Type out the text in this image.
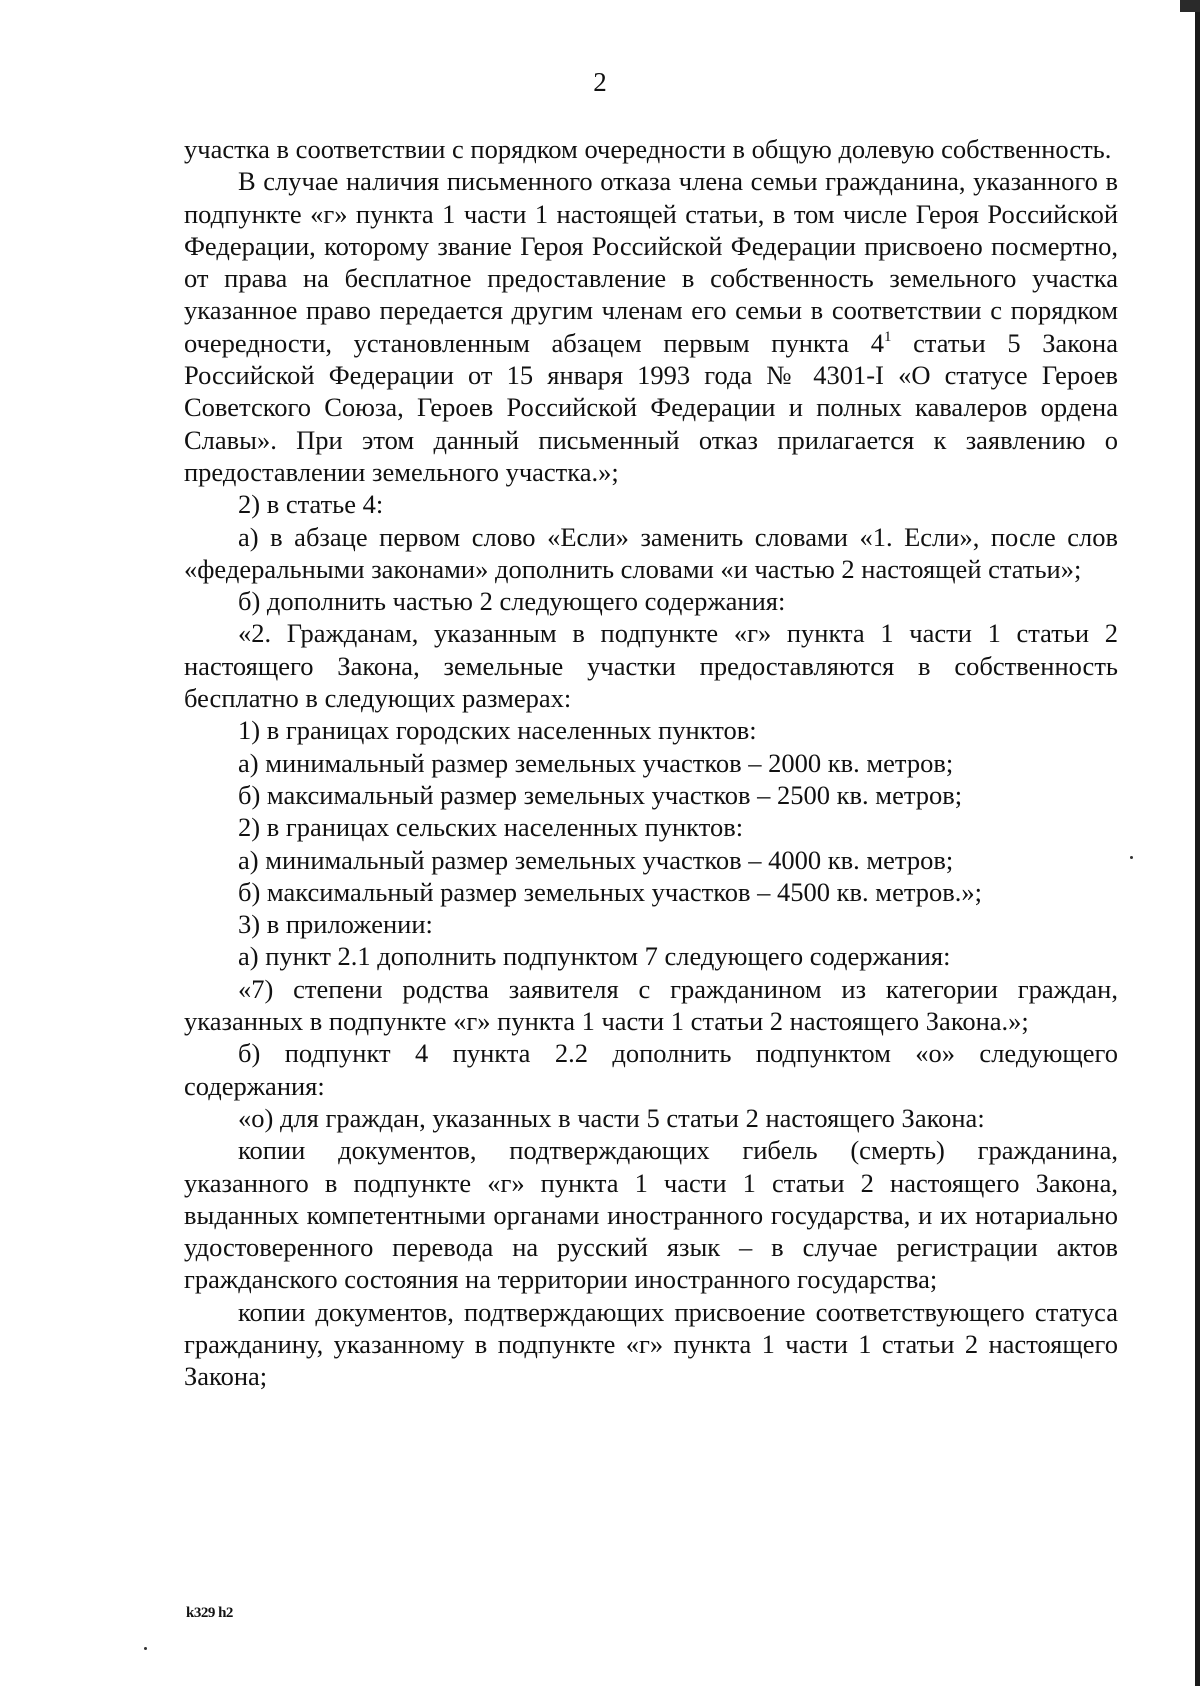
2

участка в соответствии с порядком очередности в общую долевую собственность.

В случае наличия письменного отказа члена семьи гражданина, указанного в подпункте «г» пункта 1 части 1 настоящей статьи, в том числе Героя Российской Федерации, которому звание Героя Российской Федерации присвоено посмертно, от права на бесплатное предоставление в собственность земельного участка указанное право передается другим членам его семьи в соответствии с порядком очередности, установленным абзацем первым пункта $4^1$ статьи 5 Закона Российской Федерации от 15 января 1993 года № 4301-I «О статусе Героев Советского Союза, Героев Российской Федерации и полных кавалеров ордена Славы». При этом данный письменный отказ прилагается к заявлению о предоставлении земельного участка.»;

2) в статье 4:

а) в абзаце первом слово «Если» заменить словами «1. Если», после слов «федеральными законами» дополнить словами «и частью 2 настоящей статьи»;

б) дополнить частью 2 следующего содержания:

«2. Гражданам, указанным в подпункте «г» пункта 1 части 1 статьи 2 настоящего Закона, земельные участки предоставляются в собственность бесплатно в следующих размерах:

1) в границах городских населенных пунктов:

а) минимальный размер земельных участков – 2000 кв. метров;

б) максимальный размер земельных участков – 2500 кв. метров;

2) в границах сельских населенных пунктов:

а) минимальный размер земельных участков – 4000 кв. метров;

б) максимальный размер земельных участков – 4500 кв. метров.»;

3) в приложении:

а) пункт 2.1 дополнить подпунктом 7 следующего содержания:

«7) степени родства заявителя с гражданином из категории граждан, указанных в подпункте «г» пункта 1 части 1 статьи 2 настоящего Закона.»;

б) подпункт 4 пункта 2.2 дополнить подпунктом «о» следующего содержания:

«о) для граждан, указанных в части 5 статьи 2 настоящего Закона:

копии документов, подтверждающих гибель (смерть) гражданина, указанного в подпункте «г» пункта 1 части 1 статьи 2 настоящего Закона, выданных компетентными органами иностранного государства, и их нотариально удостоверенного перевода на русский язык – в случае регистрации актов гражданского состояния на территории иностранного государства;

копии документов, подтверждающих присвоение соответствующего статуса гражданину, указанному в подпункте «г» пункта 1 части 1 статьи 2 настоящего Закона;

k329 h2
